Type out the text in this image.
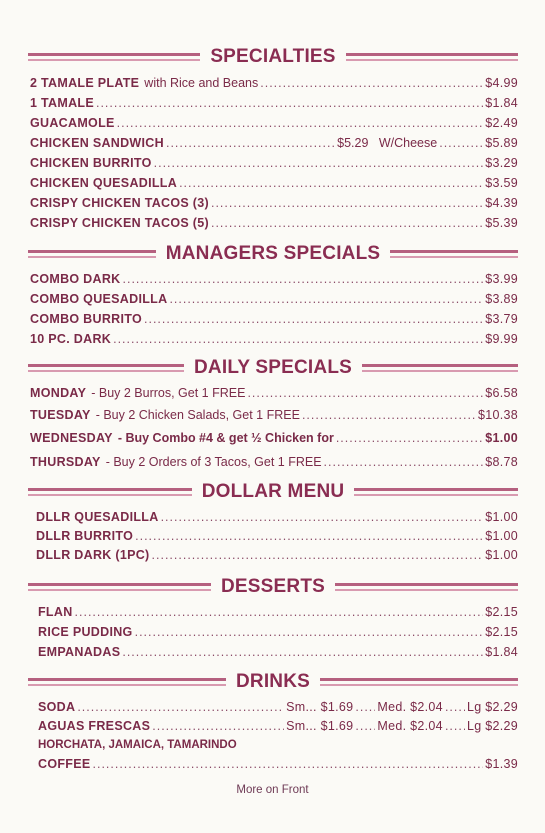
SPECIALTIES
2 TAMALE PLATE with Rice and Beans .....	$4.99
1 TAMALE .....	$1.84
GUACAMOLE .....	$2.49
CHICKEN SANDWICH .....	$5.29   W/Cheese .....	$5.89
CHICKEN BURRITO .....	$3.29
CHICKEN QUESADILLA .....	$3.59
CRISPY CHICKEN TACOS (3) .....	$4.39
CRISPY CHICKEN TACOS (5) .....	$5.39
MANAGERS SPECIALS
COMBO DARK .....	$3.99
COMBO QUESADILLA .....	$3.89
COMBO BURRITO .....	$3.79
10 PC. DARK .....	$9.99
DAILY SPECIALS
MONDAY - Buy 2 Burros, Get 1 FREE .....	$6.58
TUESDAY - Buy 2 Chicken Salads, Get 1 FREE .....	$10.38
WEDNESDAY - Buy Combo #4 & get ½ Chicken for .....	$1.00
THURSDAY - Buy 2 Orders of 3 Tacos, Get 1 FREE .....	$8.78
DOLLAR MENU
DLLR QUESADILLA .....	$1.00
DLLR BURRITO .....	$1.00
DLLR DARK (1PC) .....	$1.00
DESSERTS
FLAN .....	$2.15
RICE PUDDING .....	$2.15
EMPANADAS .....	$1.84
DRINKS
SODA .....	Sm... $1.69 ..... Med. $2.04 ..... Lg $2.29
AGUAS FRESCAS .....	Sm... $1.69 ..... Med. $2.04 ..... Lg $2.29
HORCHATA, JAMAICA, TAMARINDO
COFFEE .....	$1.39
More on Front
